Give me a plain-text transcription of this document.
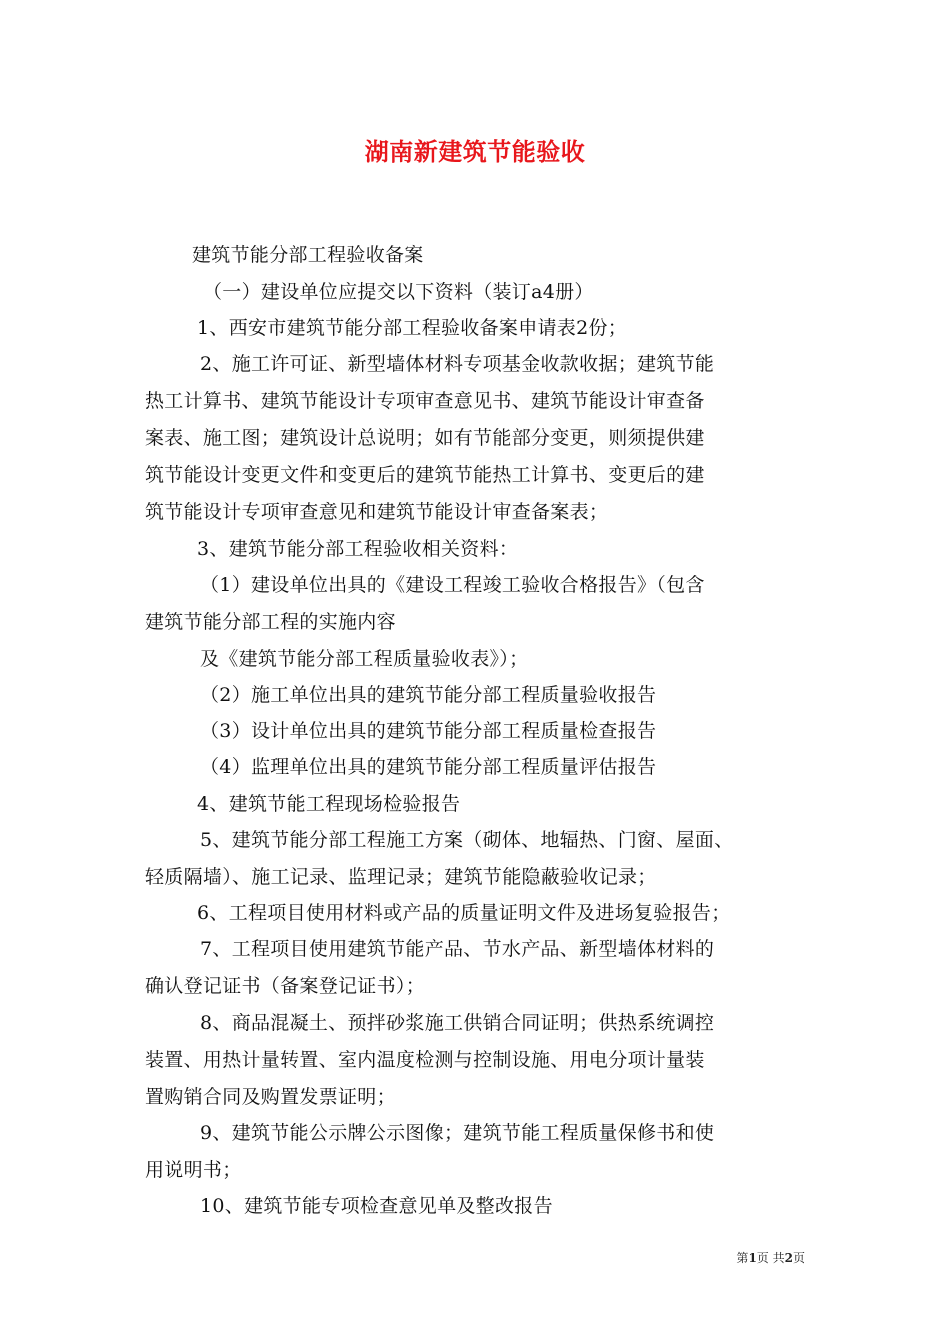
湖南新建筑节能验收
建筑节能分部工程验收备案
（一）建设单位应提交以下资料（装订a4册）
1、西安市建筑节能分部工程验收备案申请表2份；
2、施工许可证、新型墙体材料专项基金收款收据；建筑节能
热工计算书、建筑节能设计专项审查意见书、建筑节能设计审查备
案表、施工图；建筑设计总说明；如有节能部分变更，则须提供建
筑节能设计变更文件和变更后的建筑节能热工计算书、变更后的建
筑节能设计专项审查意见和建筑节能设计审查备案表；
3、建筑节能分部工程验收相关资料：
（1）建设单位出具的《建设工程竣工验收合格报告》（包含
建筑节能分部工程的实施内容
及《建筑节能分部工程质量验收表》）；
（2）施工单位出具的建筑节能分部工程质量验收报告
（3）设计单位出具的建筑节能分部工程质量检查报告
（4）监理单位出具的建筑节能分部工程质量评估报告
4、建筑节能工程现场检验报告
5、建筑节能分部工程施工方案（砌体、地辐热、门窗、屋面、
轻质隔墙）、施工记录、监理记录；建筑节能隐蔽验收记录；
6、工程项目使用材料或产品的质量证明文件及进场复验报告；
7、工程项目使用建筑节能产品、节水产品、新型墙体材料的
确认登记证书（备案登记证书）；
8、商品混凝土、预拌砂浆施工供销合同证明；供热系统调控
装置、用热计量转置、室内温度检测与控制设施、用电分项计量装
置购销合同及购置发票证明；
9、建筑节能公示牌公示图像；建筑节能工程质量保修书和使
用说明书；
10、建筑节能专项检查意见单及整改报告
第1页 共2页
